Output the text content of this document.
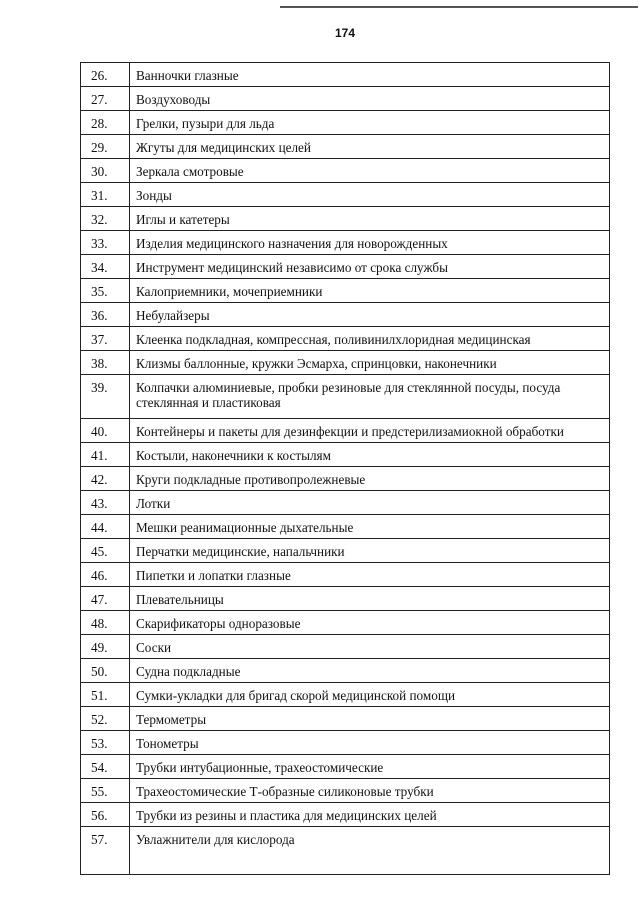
174
26.	Ванночки глазные
27.	Воздуховоды
28.	Грелки, пузыри для льда
29.	Жгуты для медицинских целей
30.	Зеркала смотровые
31.	Зонды
32.	Иглы и катетеры
33.	Изделия медицинского назначения для новорожденных
34.	Инструмент медицинский независимо от срока службы
35.	Калоприемники, мочеприемники
36.	Небулайзеры
37.	Клеенка подкладная, компрессная, поливинилхлоридная медицинская
38.	Клизмы баллонные, кружки Эсмарха, спринцовки, наконечники
39.	Колпачки алюминиевые, пробки резиновые для стеклянной посуды, посуда стеклянная и пластиковая
40.	Контейнеры и пакеты для дезинфекции и предстерилизамиокной обработки
41.	Костыли, наконечники к костылям
42.	Круги подкладные противопролежневые
43.	Лотки
44.	Мешки реанимационные дыхательные
45.	Перчатки медицинские, напальчники
46.	Пипетки и лопатки глазные
47.	Плевательницы
48.	Скарификаторы одноразовые
49.	Соски
50.	Судна подкладные
51.	Сумки-укладки для бригад скорой медицинской помощи
52.	Термометры
53.	Тонометры
54.	Трубки интубационные, трахеостомические
55.	Трахеостомические Т-образные силиконовые трубки
56.	Трубки из резины и пластика для медицинских целей
57.	Увлажнители для кислорода
